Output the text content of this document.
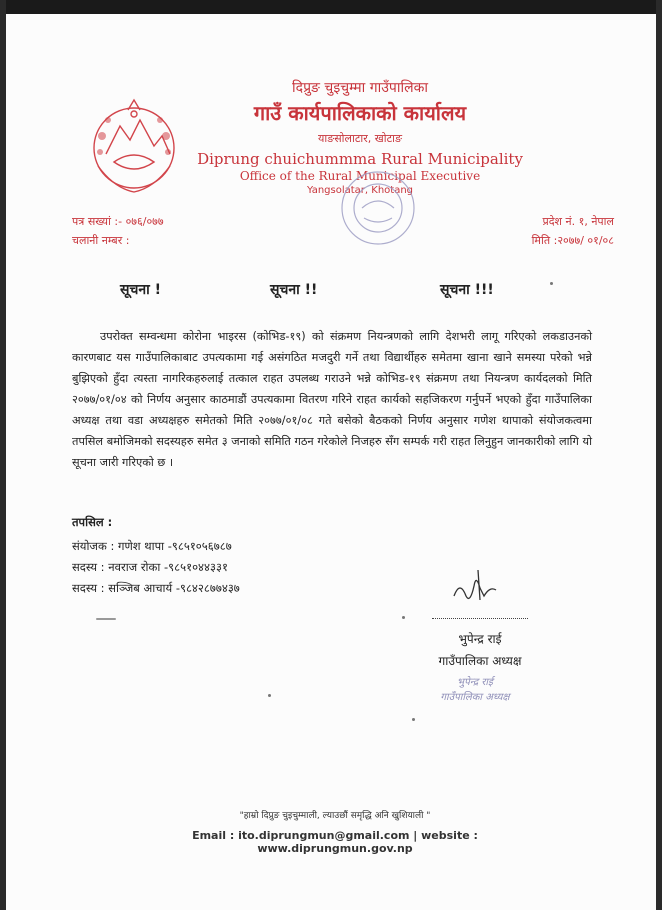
दिप्रुङ चुइचुम्मा गाउँपालिका
गाउँ कार्यपालिकाको कार्यालय
याङसोलाटार, खोटाङ
Diprung chuichummma Rural Municipality
Office of the Rural Municipal Executive
Yangsolatar, Khotang
पत्र सख्यां :- ०७६/०७७
चलानी नम्बर :
प्रदेश नं. १, नेपाल
मिति :२०७७/ ०१/०८
सूचना !	सूचना !!	सूचना !!!
उपरोक्त सम्वन्धमा कोरोना भाइरस (कोभिड-१९) को संक्रमण नियन्त्रणको लागि देशभरी लागू गरिएको लकडाउनको कारणबाट यस गाउँपालिकाबाट उपत्यकामा गई असंगठित मजदुरी गर्ने तथा विद्यार्थीहरु समेतमा खाना खाने समस्या परेको भन्ने बुझिएको हुँदा त्यस्ता नागरिकहरुलाई तत्काल राहत उपलब्ध गराउने भन्ने कोभिड-१९ संक्रमण तथा नियन्त्रण कार्यदलको मिति २०७७/०१/०४ को निर्णय अनुसार काठमाडौं उपत्यकामा वितरण गरिने राहत कार्यको सहजिकरण गर्नुपर्ने भएको हुँदा गाउँपालिका अध्यक्ष तथा वडा अध्यक्षहरु समेतको मिति २०७७/०१/०८ गते बसेको बैठकको निर्णय अनुसार गणेश थापाको संयोजकत्वमा तपसिल बमोजिमको सदस्यहरु समेत ३ जनाको समिति गठन गरेकोले निजहरु सँग सम्पर्क गरी राहत लिनुहुन जानकारीको लागि यो सूचना जारी गरिएको छ ।
तपसिल :
संयोजक : गणेश थापा -९८५१०५६७८७
सदस्य : नवराज रोका -९८५१०४४३३१
सदस्य : सञ्जिब आचार्य -९८४२८७७४३७
भुपेन्द्र राई
गाउँपालिका अध्यक्ष
भुपेन्द्र राई
गाउँपालिका अध्यक्ष
"हाम्रो दिप्रुङ चुइचुम्माली, ल्याउछौं समृद्धि अनि खुशियाली "
Email : ito.diprungmun@gmail.com | website : www.diprungmun.gov.np
